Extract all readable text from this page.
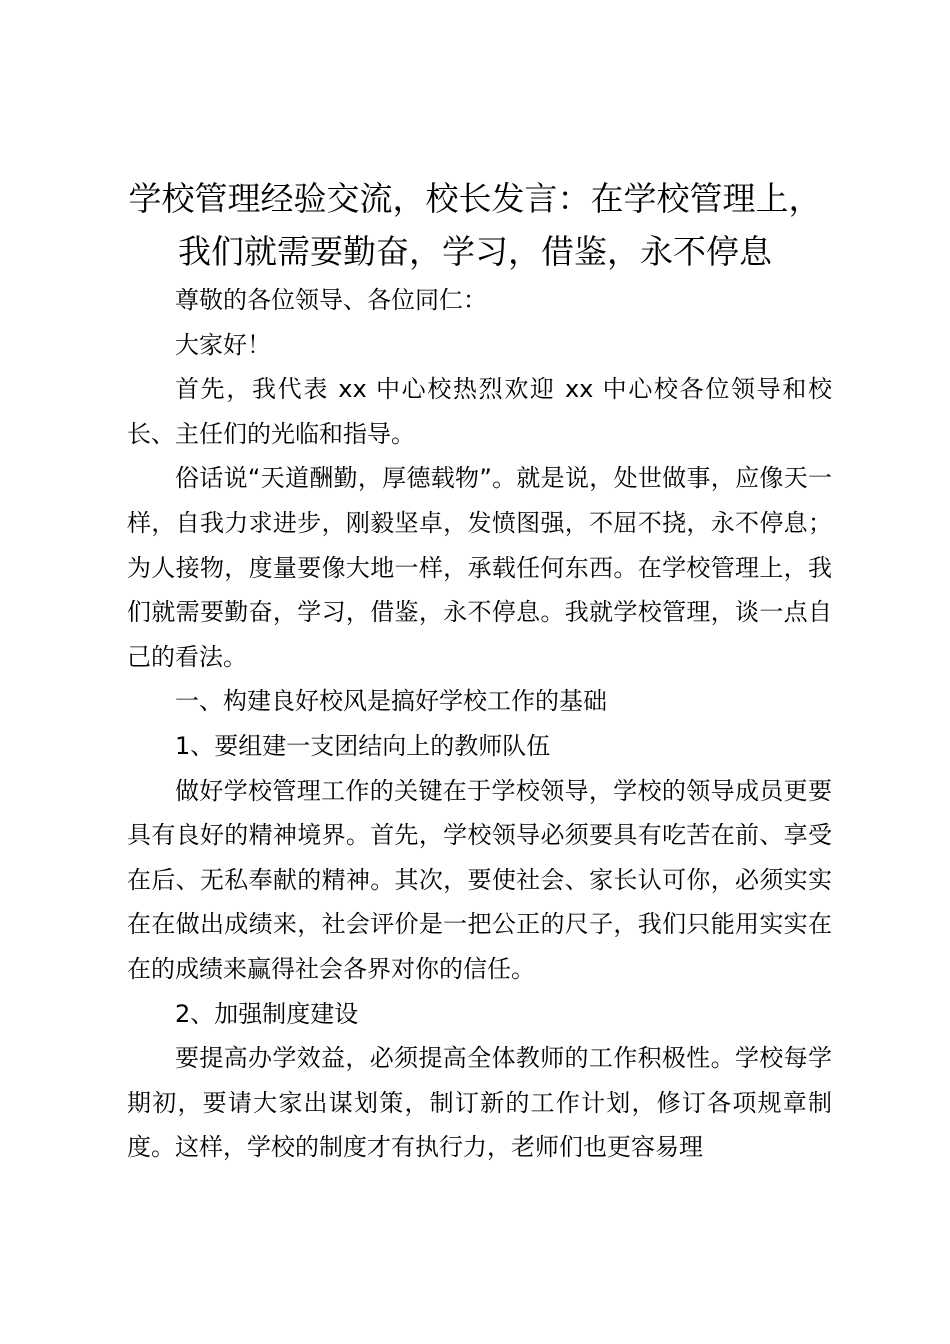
学校管理经验交流，校长发言：在学校管理上，
我们就需要勤奋，学习，借鉴，永不停息

尊敬的各位领导、各位同仁：

大家好！

首先，我代表 xx 中心校热烈欢迎 xx 中心校各位领导和校长、主任们的光临和指导。

俗话说“天道酬勤，厚德载物”。就是说，处世做事，应像天一样，自我力求进步，刚毅坚卓，发愤图强，不屈不挠，永不停息；为人接物，度量要像大地一样，承载任何东西。在学校管理上，我们就需要勤奋，学习，借鉴，永不停息。我就学校管理，谈一点自己的看法。

一、构建良好校风是搞好学校工作的基础

1、要组建一支团结向上的教师队伍

做好学校管理工作的关键在于学校领导，学校的领导成员更要具有良好的精神境界。首先，学校领导必须要具有吃苦在前、享受在后、无私奉献的精神。其次，要使社会、家长认可你，必须实实在在做出成绩来，社会评价是一把公正的尺子，我们只能用实实在在的成绩来赢得社会各界对你的信任。

2、加强制度建设

要提高办学效益，必须提高全体教师的工作积极性。学校每学期初，要请大家出谋划策，制订新的工作计划，修订各项规章制度。这样，学校的制度才有执行力，老师们也更容易理
